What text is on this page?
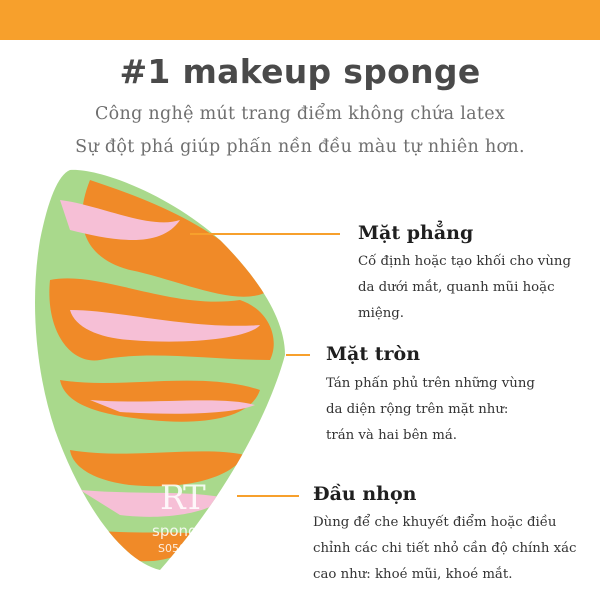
#1 makeup sponge
Công nghệ mút trang điểm không chứa latex
Sự đột phá giúp phấn nền đều màu tự nhiên hơn.
RT
sponge+
S0502
Mặt phẳng
Cố định hoặc tạo khối cho vùng
da dưới mắt, quanh mũi hoặc
miệng.
Mặt tròn
Tán phấn phủ trên những vùng
da diện rộng trên mặt như:
trán và hai bên má.
Đầu nhọn
Dùng để che khuyết điểm hoặc điều
chỉnh các chi tiết nhỏ cần độ chính xác
cao như: khoé mũi, khoé mắt.
